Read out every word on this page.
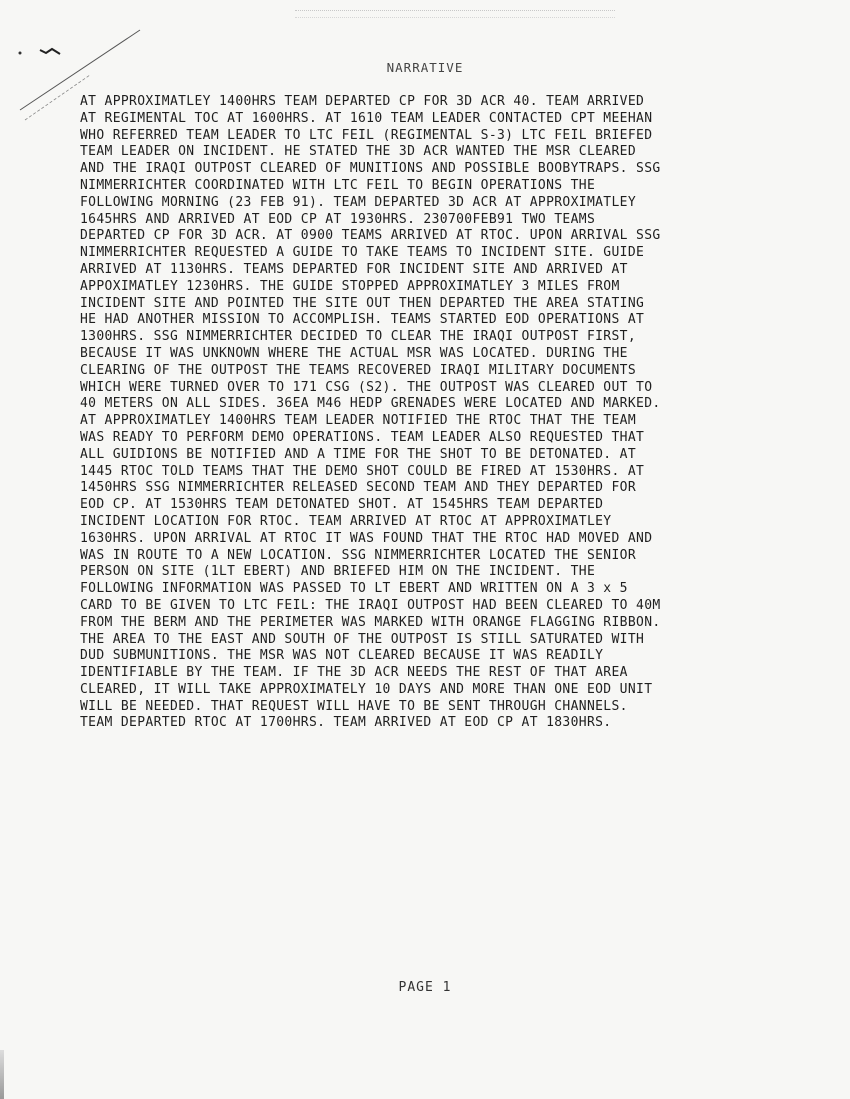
NARRATIVE
AT APPROXIMATLEY 1400HRS TEAM DEPARTED CP FOR 3D ACR 40. TEAM ARRIVED
AT REGIMENTAL TOC AT 1600HRS. AT 1610 TEAM LEADER CONTACTED CPT MEEHAN
WHO REFERRED TEAM LEADER TO LTC FEIL (REGIMENTAL S-3) LTC FEIL BRIEFED
TEAM LEADER ON INCIDENT. HE STATED THE 3D ACR WANTED THE MSR CLEARED
AND THE IRAQI OUTPOST CLEARED OF MUNITIONS AND POSSIBLE BOOBYTRAPS. SSG
NIMMERRICHTER COORDINATED WITH LTC FEIL TO BEGIN OPERATIONS THE
FOLLOWING MORNING (23 FEB 91). TEAM DEPARTED 3D ACR AT APPROXIMATLEY
1645HRS AND ARRIVED AT EOD CP AT 1930HRS. 230700FEB91 TWO TEAMS
DEPARTED CP FOR 3D ACR. AT 0900 TEAMS ARRIVED AT RTOC. UPON ARRIVAL SSG
NIMMERRICHTER REQUESTED A GUIDE TO TAKE TEAMS TO INCIDENT SITE. GUIDE
ARRIVED AT 1130HRS. TEAMS DEPARTED FOR INCIDENT SITE AND ARRIVED AT
APPOXIMATLEY 1230HRS. THE GUIDE STOPPED APPROXIMATLEY 3 MILES FROM
INCIDENT SITE AND POINTED THE SITE OUT THEN DEPARTED THE AREA STATING
HE HAD ANOTHER MISSION TO ACCOMPLISH. TEAMS STARTED EOD OPERATIONS AT
1300HRS. SSG NIMMERRICHTER DECIDED TO CLEAR THE IRAQI OUTPOST FIRST,
BECAUSE IT WAS UNKNOWN WHERE THE ACTUAL MSR WAS LOCATED. DURING THE
CLEARING OF THE OUTPOST THE TEAMS RECOVERED IRAQI MILITARY DOCUMENTS
WHICH WERE TURNED OVER TO 171 CSG (S2). THE OUTPOST WAS CLEARED OUT TO
40 METERS ON ALL SIDES. 36EA M46 HEDP GRENADES WERE LOCATED AND MARKED.
AT APPROXIMATLEY 1400HRS TEAM LEADER NOTIFIED THE RTOC THAT THE TEAM
WAS READY TO PERFORM DEMO OPERATIONS. TEAM LEADER ALSO REQUESTED THAT
ALL GUIDIONS BE NOTIFIED AND A TIME FOR THE SHOT TO BE DETONATED. AT
1445 RTOC TOLD TEAMS THAT THE DEMO SHOT COULD BE FIRED AT 1530HRS. AT
1450HRS SSG NIMMERRICHTER RELEASED SECOND TEAM AND THEY DEPARTED FOR
EOD CP. AT 1530HRS TEAM DETONATED SHOT. AT 1545HRS TEAM DEPARTED
INCIDENT LOCATION FOR RTOC. TEAM ARRIVED AT RTOC AT APPROXIMATLEY
1630HRS. UPON ARRIVAL AT RTOC IT WAS FOUND THAT THE RTOC HAD MOVED AND
WAS IN ROUTE TO A NEW LOCATION. SSG NIMMERRICHTER LOCATED THE SENIOR
PERSON ON SITE (1LT EBERT) AND BRIEFED HIM ON THE INCIDENT. THE
FOLLOWING INFORMATION WAS PASSED TO LT EBERT AND WRITTEN ON A 3 x 5
CARD TO BE GIVEN TO LTC FEIL: THE IRAQI OUTPOST HAD BEEN CLEARED TO 40M
FROM THE BERM AND THE PERIMETER WAS MARKED WITH ORANGE FLAGGING RIBBON.
THE AREA TO THE EAST AND SOUTH OF THE OUTPOST IS STILL SATURATED WITH
DUD SUBMUNITIONS. THE MSR WAS NOT CLEARED BECAUSE IT WAS READILY
IDENTIFIABLE BY THE TEAM. IF THE 3D ACR NEEDS THE REST OF THAT AREA
CLEARED, IT WILL TAKE APPROXIMATELY 10 DAYS AND MORE THAN ONE EOD UNIT
WILL BE NEEDED. THAT REQUEST WILL HAVE TO BE SENT THROUGH CHANNELS.
TEAM DEPARTED RTOC AT 1700HRS. TEAM ARRIVED AT EOD CP AT 1830HRS.
PAGE 1
